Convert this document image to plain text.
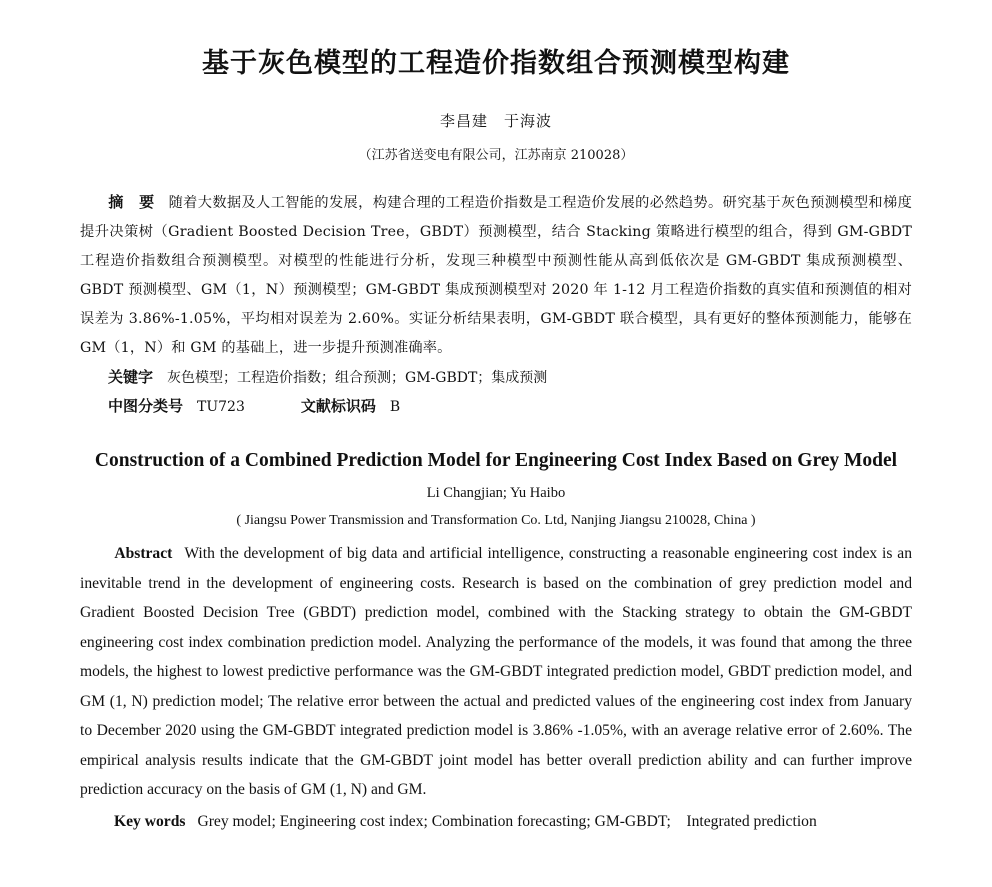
基于灰色模型的工程造价指数组合预测模型构建
李昌建　于海波
（江苏省送变电有限公司，江苏南京 210028）
摘　要 随着大数据及人工智能的发展，构建合理的工程造价指数是工程造价发展的必然趋势。研究基于灰色预测模型和梯度提升决策树（Gradient Boosted Decision Tree，GBDT）预测模型，结合 Stacking 策略进行模型的组合，得到 GM-GBDT 工程造价指数组合预测模型。对模型的性能进行分析，发现三种模型中预测性能从高到低依次是 GM-GBDT 集成预测模型、GBDT 预测模型、GM（1，N）预测模型；GM-GBDT 集成预测模型对 2020 年 1-12 月工程造价指数的真实值和预测值的相对误差为 3.86%-1.05%，平均相对误差为 2.60%。实证分析结果表明，GM-GBDT 联合模型，具有更好的整体预测能力，能够在 GM（1，N）和 GM 的基础上，进一步提升预测准确率。
关键字 灰色模型；工程造价指数；组合预测；GM-GBDT；集成预测
中图分类号 TU723	文献标识码 B
Construction of a Combined Prediction Model for Engineering Cost Index Based on Grey Model
Li Changjian; Yu Haibo
( Jiangsu Power Transmission and Transformation Co. Ltd, Nanjing Jiangsu 210028, China )
Abstract With the development of big data and artificial intelligence, constructing a reasonable engineering cost index is an inevitable trend in the development of engineering costs. Research is based on the combination of grey prediction model and Gradient Boosted Decision Tree (GBDT) prediction model, combined with the Stacking strategy to obtain the GM-GBDT engineering cost index combination prediction model. Analyzing the performance of the models, it was found that among the three models, the highest to lowest predictive performance was the GM-GBDT integrated prediction model, GBDT prediction model, and GM (1, N) prediction model; The relative error between the actual and predicted values of the engineering cost index from January to December 2020 using the GM-GBDT integrated prediction model is 3.86% -1.05%, with an average relative error of 2.60%. The empirical analysis results indicate that the GM-GBDT joint model has better overall prediction ability and can further improve prediction accuracy on the basis of GM (1, N) and GM.
Key words Grey model; Engineering cost index; Combination forecasting; GM-GBDT;　Integrated prediction
